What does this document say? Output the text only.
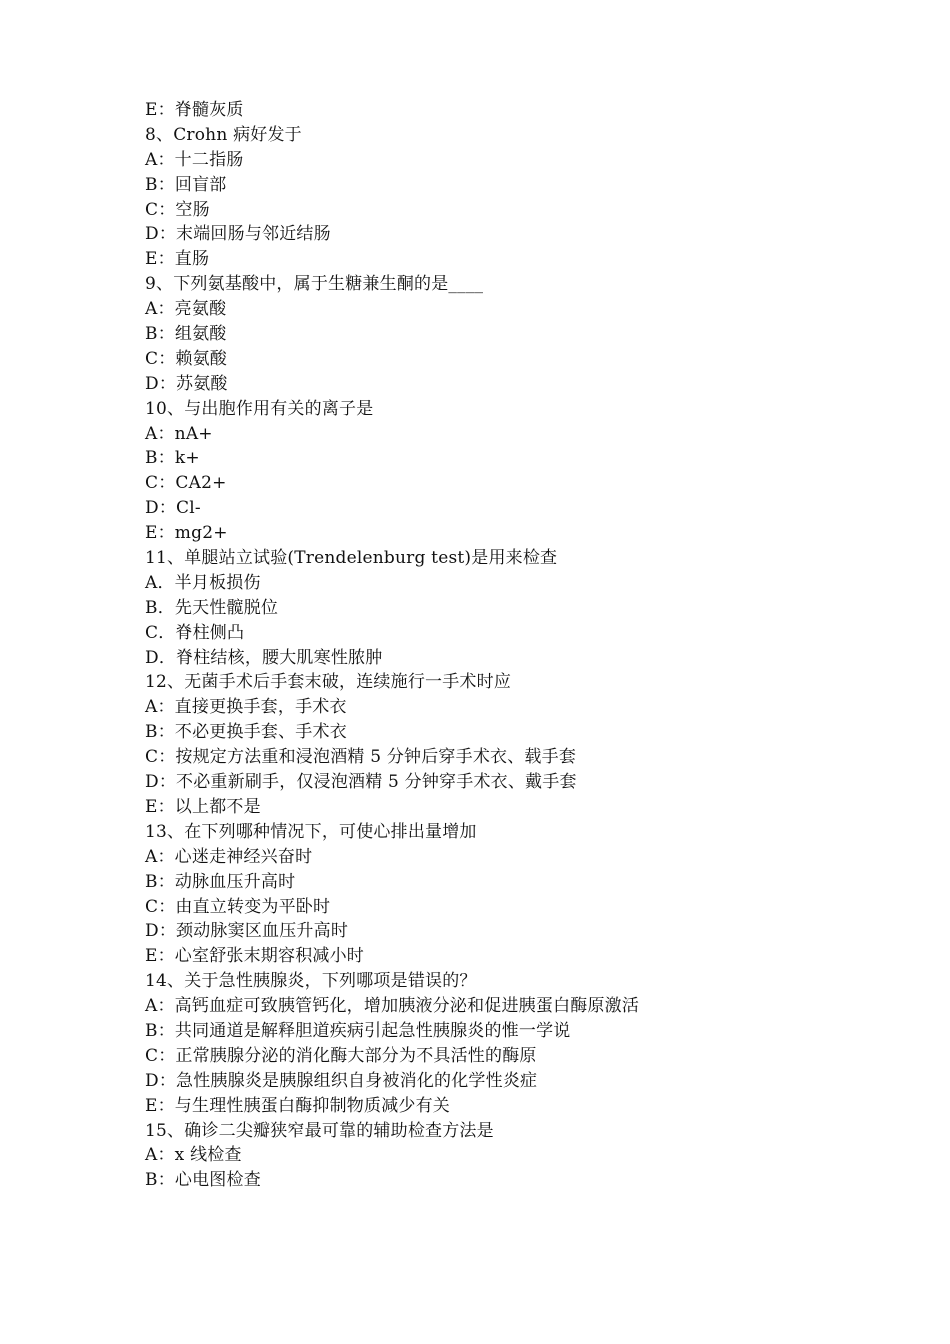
E：脊髓灰质
8、Crohn 病好发于
A：十二指肠
B：回盲部
C：空肠
D：末端回肠与邻近结肠
E：直肠
9、下列氨基酸中，属于生糖兼生酮的是____
A：亮氨酸
B：组氨酸
C：赖氨酸
D：苏氨酸
10、与出胞作用有关的离子是
A：nA+
B：k+
C：CA2+
D：Cl-
E：mg2+
11、单腿站立试验(Trendelenburg test)是用来检查
A．半月板损伤
B．先天性髋脱位
C．脊柱侧凸
D．脊柱结核，腰大肌寒性脓肿
12、无菌手术后手套末破，连续施行一手术时应
A：直接更换手套，手术衣
B：不必更换手套、手术衣
C：按规定方法重和浸泡酒精 5 分钟后穿手术衣、载手套
D：不必重新刷手，仅浸泡酒精 5 分钟穿手术衣、戴手套
E：以上都不是
13、在下列哪种情况下，可使心排出量增加
A：心迷走神经兴奋时
B：动脉血压升高时
C：由直立转变为平卧时
D：颈动脉窦区血压升高时
E：心室舒张末期容积减小时
14、关于急性胰腺炎，下列哪项是错误的？
A：高钙血症可致胰管钙化，增加胰液分泌和促进胰蛋白酶原激活
B：共同通道是解释胆道疾病引起急性胰腺炎的惟一学说
C：正常胰腺分泌的消化酶大部分为不具活性的酶原
D：急性胰腺炎是胰腺组织自身被消化的化学性炎症
E：与生理性胰蛋白酶抑制物质减少有关
15、确诊二尖瓣狭窄最可靠的辅助检查方法是
A：x 线检查
B：心电图检查
